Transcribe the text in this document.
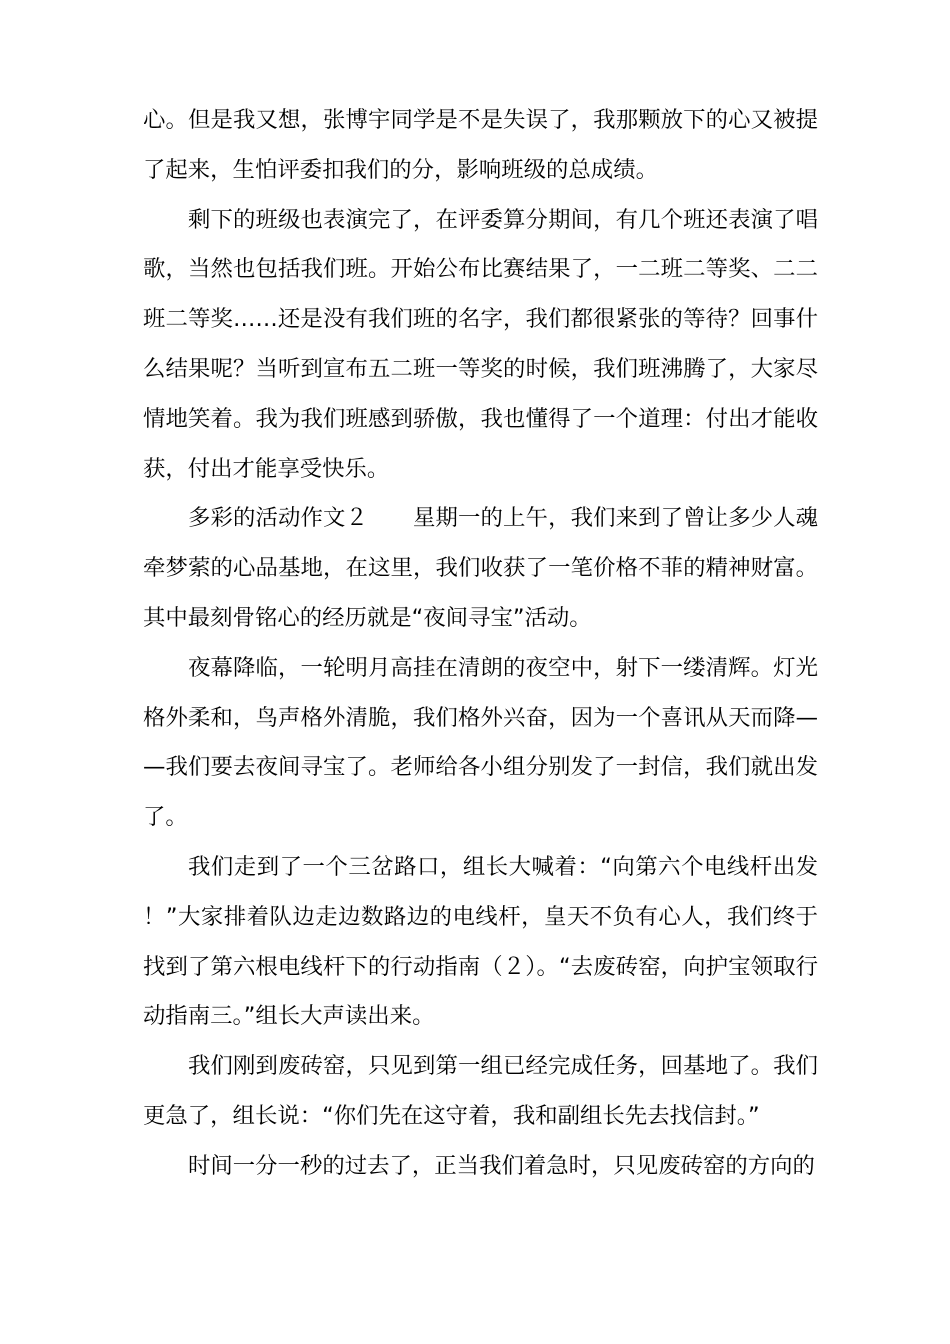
心。但是我又想，张博宇同学是不是失误了，我那颗放下的心又被提了起来，生怕评委扣我们的分，影响班级的总成绩。

剩下的班级也表演完了，在评委算分期间，有几个班还表演了唱歌，当然也包括我们班。开始公布比赛结果了，一二班二等奖、二二班二等奖……还是没有我们班的名字，我们都很紧张的等待？回事什么结果呢？当听到宣布五二班一等奖的时候，我们班沸腾了，大家尽情地笑着。我为我们班感到骄傲，我也懂得了一个道理：付出才能收获，付出才能享受快乐。

多彩的活动作文２　　星期一的上午，我们来到了曾让多少人魂牵梦萦的心品基地，在这里，我们收获了一笔价格不菲的精神财富。其中最刻骨铭心的经历就是“夜间寻宝”活动。

夜幕降临，一轮明月高挂在清朗的夜空中，射下一缕清辉。灯光格外柔和，鸟声格外清脆，我们格外兴奋，因为一个喜讯从天而降——我们要去夜间寻宝了。老师给各小组分别发了一封信，我们就出发了。

我们走到了一个三岔路口，组长大喊着：“向第六个电线杆出发！”大家排着队边走边数路边的电线杆，皇天不负有心人，我们终于找到了第六根电线杆下的行动指南（２）。“去废砖窑，向护宝领取行动指南三。”组长大声读出来。

我们刚到废砖窑，只见到第一组已经完成任务，回基地了。我们更急了，组长说：“你们先在这守着，我和副组长先去找信封。”

时间一分一秒的过去了，正当我们着急时，只见废砖窑的方向的
